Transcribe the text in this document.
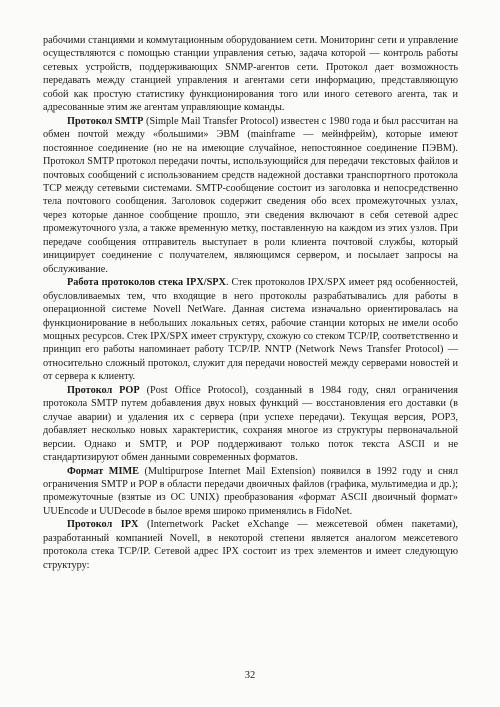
рабочими станциями и коммутационным оборудованием сети. Мониторинг сети и управление осуществляются с помощью станции управления сетью, задача которой — контроль работы сетевых устройств, поддерживающих SNMP-агентов сети. Протокол дает возможность передавать между станцией управления и агентами сети информацию, представляющую собой как простую статистику функционирования того или иного сетевого агента, так и адресованные этим же агентам управляющие команды.

Протокол SMTP (Simple Mail Transfer Protocol) известен с 1980 года и был рассчитан на обмен почтой между «большими» ЭВМ (mainframe — мейнфрейм), которые имеют постоянное соединение (но не на имеющие случайное, непостоянное соединение ПЭВМ). Протокол SMTP протокол передачи почты, использующийся для передачи текстовых файлов и почтовых сообщений с использованием средств надежной доставки транспортного протокола TCP между сетевыми системами. SMTP-сообщение состоит из заголовка и непосредственно тела почтового сообщения. Заголовок содержит сведения обо всех промежуточных узлах, через которые данное сообщение прошло, эти сведения включают в себя сетевой адрес промежуточного узла, а также временную метку, поставленную на каждом из этих узлов. При передаче сообщения отправитель выступает в роли клиента почтовой службы, который инициирует соединение с получателем, являющимся сервером, и посылает запросы на обслуживание.

Работа протоколов стека IPX/SPX. Стек протоколов IPX/SPX имеет ряд особенностей, обусловливаемых тем, что входящие в него протоколы разрабатывались для работы в операционной системе Novell NetWare. Данная система изначально ориентировалась на функционирование в небольших локальных сетях, рабочие станции которых не имели особо мощных ресурсов. Стек IPX/SPX имеет структуру, схожую со стеком TCP/IP, соответственно и принцип его работы напоминает работу TCP/IP. NNTP (Network News Transfer Protocol) — относительно сложный протокол, служит для передачи новостей между серверами новостей и от сервера к клиенту.

Протокол POP (Post Office Protocol), созданный в 1984 году, снял ограничения протокола SMTP путем добавления двух новых функций — восстановления его доставки (в случае аварии) и удаления их с сервера (при успехе передачи). Текущая версия, POP3, добавляет несколько новых характеристик, сохраняя многое из структуры первоначальной версии. Однако и SMTP, и POP поддерживают только поток текста ASCII и не стандартизируют обмен данными современных форматов.

Формат MIME (Multipurpose Internet Mail Extension) появился в 1992 году и снял ограничения SMTP и POP в области передачи двоичных файлов (графика, мультимедиа и др.); промежуточные (взятые из ОС UNIX) преобразования «формат ASCII двоичный формат» UUEncode и UUDecode в былое время широко применялись в FidoNet.

Протокол IPX (Internetwork Packet eXchange — межсетевой обмен пакетами), разработанный компанией Novell, в некоторой степени является аналогом межсетевого протокола стека TCP/IP. Сетевой адрес IPX состоит из трех элементов и имеет следующую структуру:

32
